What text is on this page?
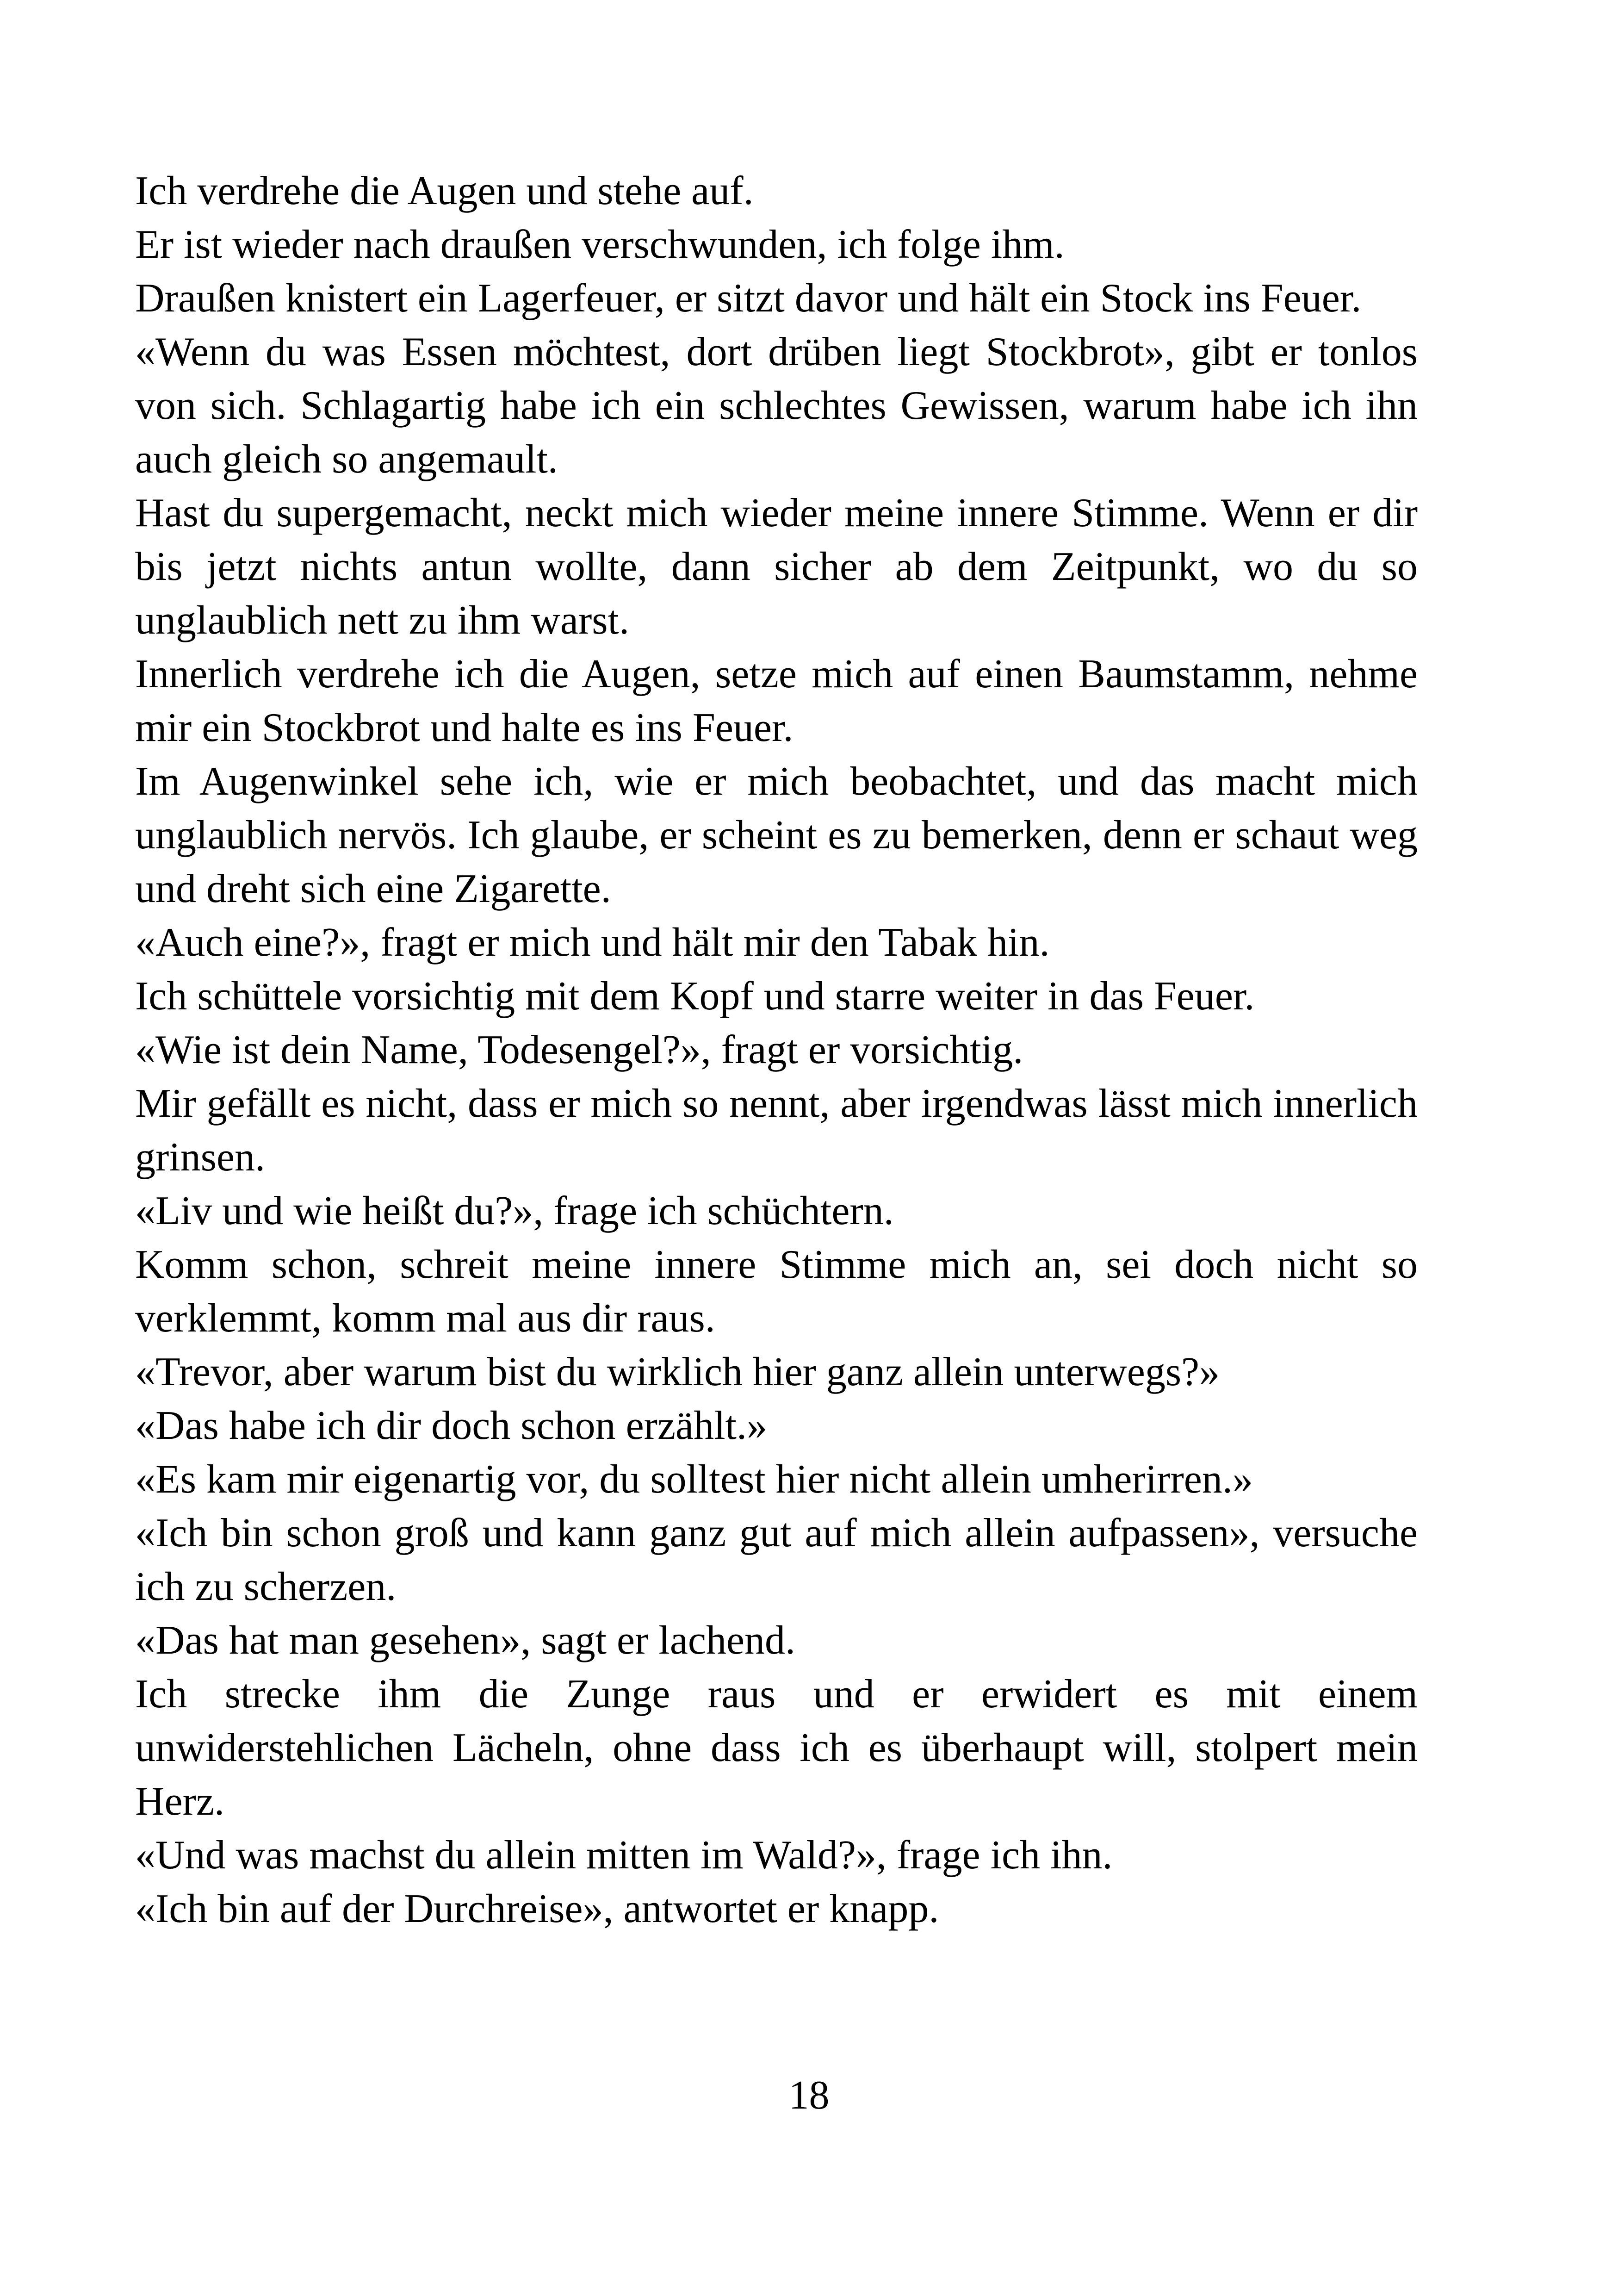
Ich verdrehe die Augen und stehe auf.

Er ist wieder nach draußen verschwunden, ich folge ihm.

Draußen knistert ein Lagerfeuer, er sitzt davor und hält ein Stock ins Feuer.

«Wenn du was Essen möchtest, dort drüben liegt Stockbrot», gibt er tonlos von sich. Schlagartig habe ich ein schlechtes Gewissen, warum habe ich ihn auch gleich so angemault.

Hast du supergemacht, neckt mich wieder meine innere Stimme. Wenn er dir bis jetzt nichts antun wollte, dann sicher ab dem Zeitpunkt, wo du so unglaublich nett zu ihm warst.

Innerlich verdrehe ich die Augen, setze mich auf einen Baumstamm, nehme mir ein Stockbrot und halte es ins Feuer.

Im Augenwinkel sehe ich, wie er mich beobachtet, und das macht mich unglaublich nervös. Ich glaube, er scheint es zu bemerken, denn er schaut weg und dreht sich eine Zigarette.

«Auch eine?», fragt er mich und hält mir den Tabak hin.

Ich schüttele vorsichtig mit dem Kopf und starre weiter in das Feuer.

«Wie ist dein Name, Todesengel?», fragt er vorsichtig.

Mir gefällt es nicht, dass er mich so nennt, aber irgendwas lässt mich innerlich grinsen.

«Liv und wie heißt du?», frage ich schüchtern.

Komm schon, schreit meine innere Stimme mich an, sei doch nicht so verklemmt, komm mal aus dir raus.

«Trevor, aber warum bist du wirklich hier ganz allein unterwegs?»

«Das habe ich dir doch schon erzählt.»

«Es kam mir eigenartig vor, du solltest hier nicht allein umherirren.»

«Ich bin schon groß und kann ganz gut auf mich allein aufpassen», versuche ich zu scherzen.

«Das hat man gesehen», sagt er lachend.

Ich strecke ihm die Zunge raus und er erwidert es mit einem unwiderstehlichen Lächeln, ohne dass ich es überhaupt will, stolpert mein Herz.

«Und was machst du allein mitten im Wald?», frage ich ihn.

«Ich bin auf der Durchreise», antwortet er knapp.

18
